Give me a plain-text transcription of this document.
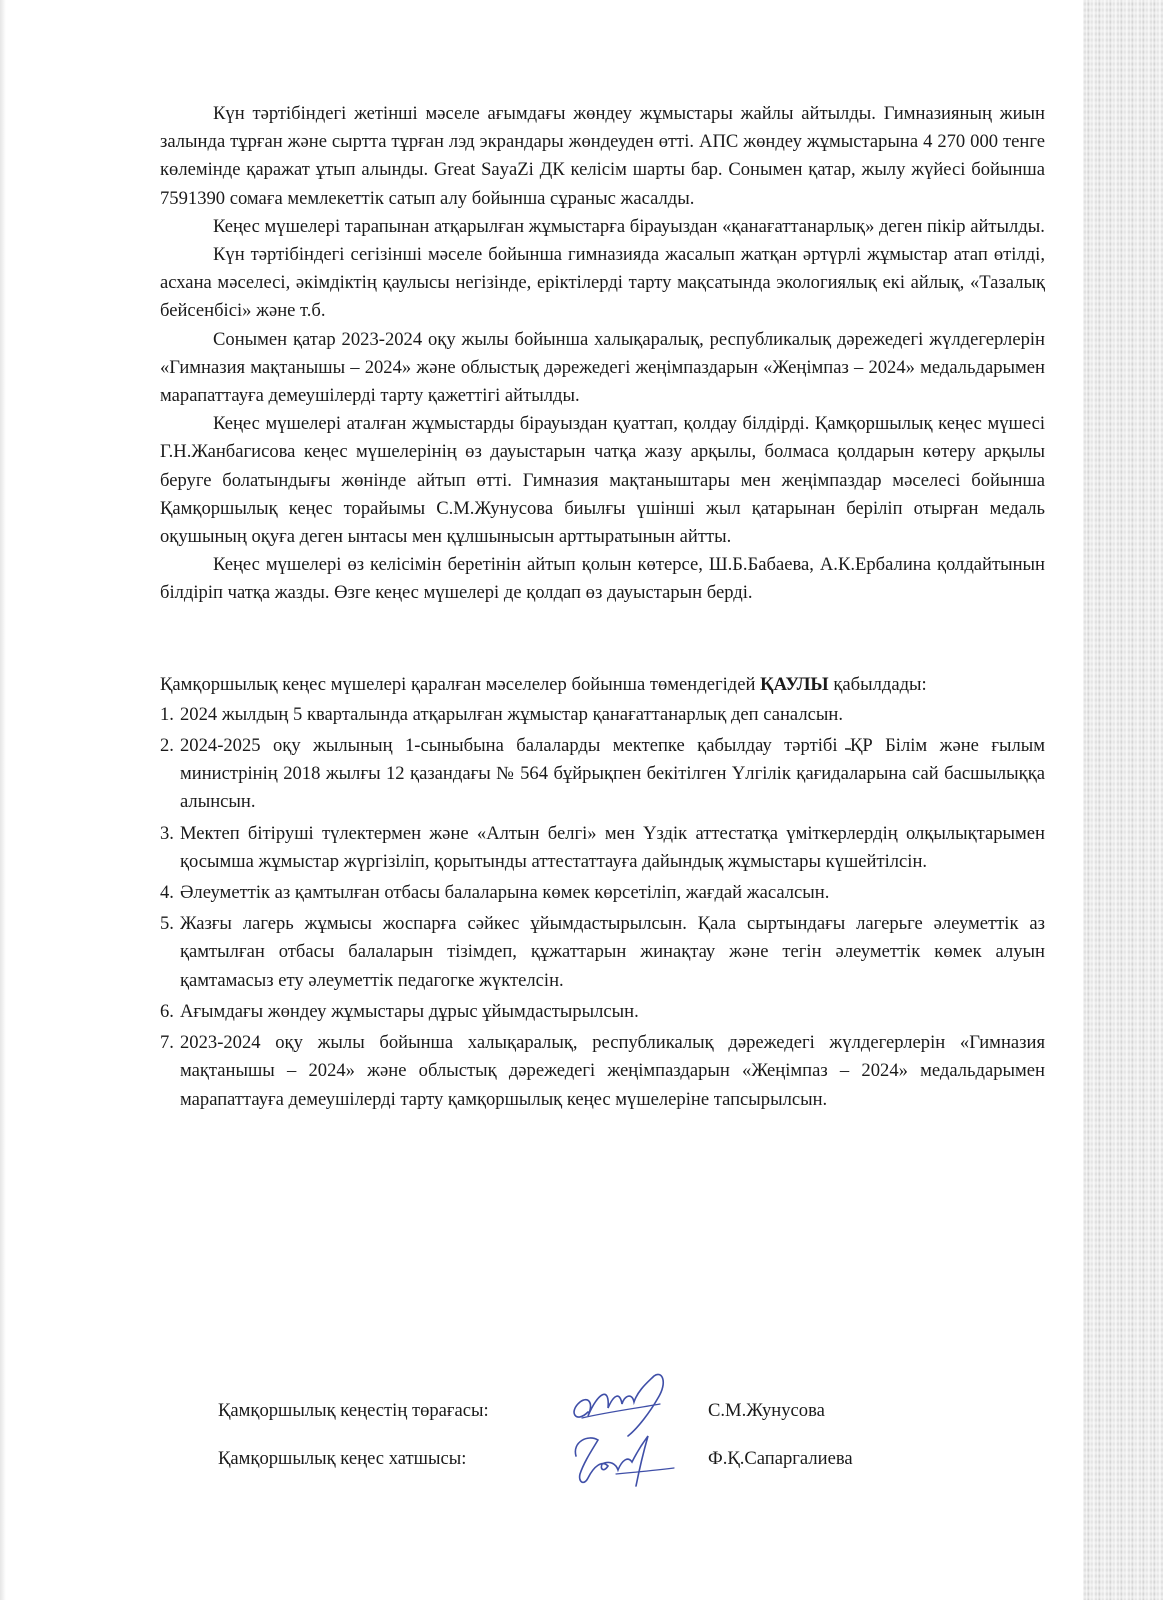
Күн тәртібіндегі жетінші мәселе ағымдағы жөндеу жұмыстары жайлы айтылды. Гимназияның жиын залында тұрған және сыртта тұрған лэд экрандары жөндеуден өтті. АПС жөндеу жұмыстарына 4 270 000 тенге көлемінде қаражат ұтып алынды. Great SayaZi ДК келісім шарты бар. Сонымен қатар, жылу жүйесі бойынша 7591390 сомаға мемлекеттік сатып алу бойынша сұраныс жасалды.

Кеңес мүшелері тарапынан атқарылған жұмыстарға бірауыздан «қанағаттанарлық» деген пікір айтылды.

Күн тәртібіндегі сегізінші мәселе бойынша гимназияда жасалып жатқан әртүрлі жұмыстар атап өтілді, асхана мәселесі, әкімдіктің қаулысы негізінде, еріктілерді тарту мақсатында экологиялық екі айлық, «Тазалық бейсенбісі» және т.б.

Сонымен қатар 2023-2024 оқу жылы бойынша халықаралық, республикалық дәрежедегі жүлдегерлерін «Гимназия мақтанышы – 2024» және облыстық дәрежедегі жеңімпаздарын «Жеңімпаз – 2024» медальдарымен марапаттауға демеушілерді тарту қажеттігі айтылды.

Кеңес мүшелері аталған жұмыстарды бірауыздан қуаттап, қолдау білдірді. Қамқоршылық кеңес мүшесі Г.Н.Жанбагисова кеңес мүшелерінің өз дауыстарын чатқа жазу арқылы, болмаса қолдарын көтеру арқылы беруге болатындығы жөнінде айтып өтті. Гимназия мақтаныштары мен жеңімпаздар мәселесі бойынша Қамқоршылық кеңес торайымы С.М.Жунусова биылғы үшінші жыл қатарынан беріліп отырған медаль оқушының оқуға деген ынтасы мен құлшынысын арттыратынын айтты.

Кеңес мүшелері өз келісімін беретінін айтып қолын көтерсе, Ш.Б.Бабаева, А.К.Ербалина қолдайтынын білдіріп чатқа жазды. Өзге кеңес мүшелері де қолдап өз дауыстарын берді.

Қамқоршылық кеңес мүшелері қаралған мәселелер бойынша төмендегідей ҚАУЛЫ қабылдады:

1. 2024 жылдың 5 кварталында атқарылған жұмыстар қанағаттанарлық деп саналсын.
2. 2024-2025 оқу жылының 1-сыныбына балаларды мектепке қабылдау тәртібі ҚР Білім және ғылым министрінің 2018 жылғы 12 қазандағы № 564 бұйрықпен бекітілген Үлгілік қағидаларына сай басшылыққа алынсын.
3. Мектеп бітіруші түлектермен және «Алтын белгі» мен Үздік аттестатқа үміткерлердің олқылықтарымен қосымша жұмыстар жүргізіліп, қорытынды аттестаттауға дайындық жұмыстары күшейтілсін.
4. Әлеуметтік аз қамтылған отбасы балаларына көмек көрсетіліп, жағдай жасалсын.
5. Жазғы лагерь жұмысы жоспарға сәйкес ұйымдастырылсын. Қала сыртындағы лагерьге әлеуметтік аз қамтылған отбасы балаларын тізімдеп, құжаттарын жинақтау және тегін әлеуметтік көмек алуын қамтамасыз ету әлеуметтік педагогке жүктелсін.
6. Ағымдағы жөндеу жұмыстары дұрыс ұйымдастырылсын.
7. 2023-2024 оқу жылы бойынша халықаралық, республикалық дәрежедегі жүлдегерлерін «Гимназия мақтанышы – 2024» және облыстық дәрежедегі жеңімпаздарын «Жеңімпаз – 2024» медальдарымен марапаттауға демеушілерді тарту қамқоршылық кеңес мүшелеріне тапсырылсын.
Қамқоршылық кеңестің төрағасы:	С.М.Жунусова
Қамқоршылық кеңес хатшысы:	Ф.Қ.Сапаргалиева
